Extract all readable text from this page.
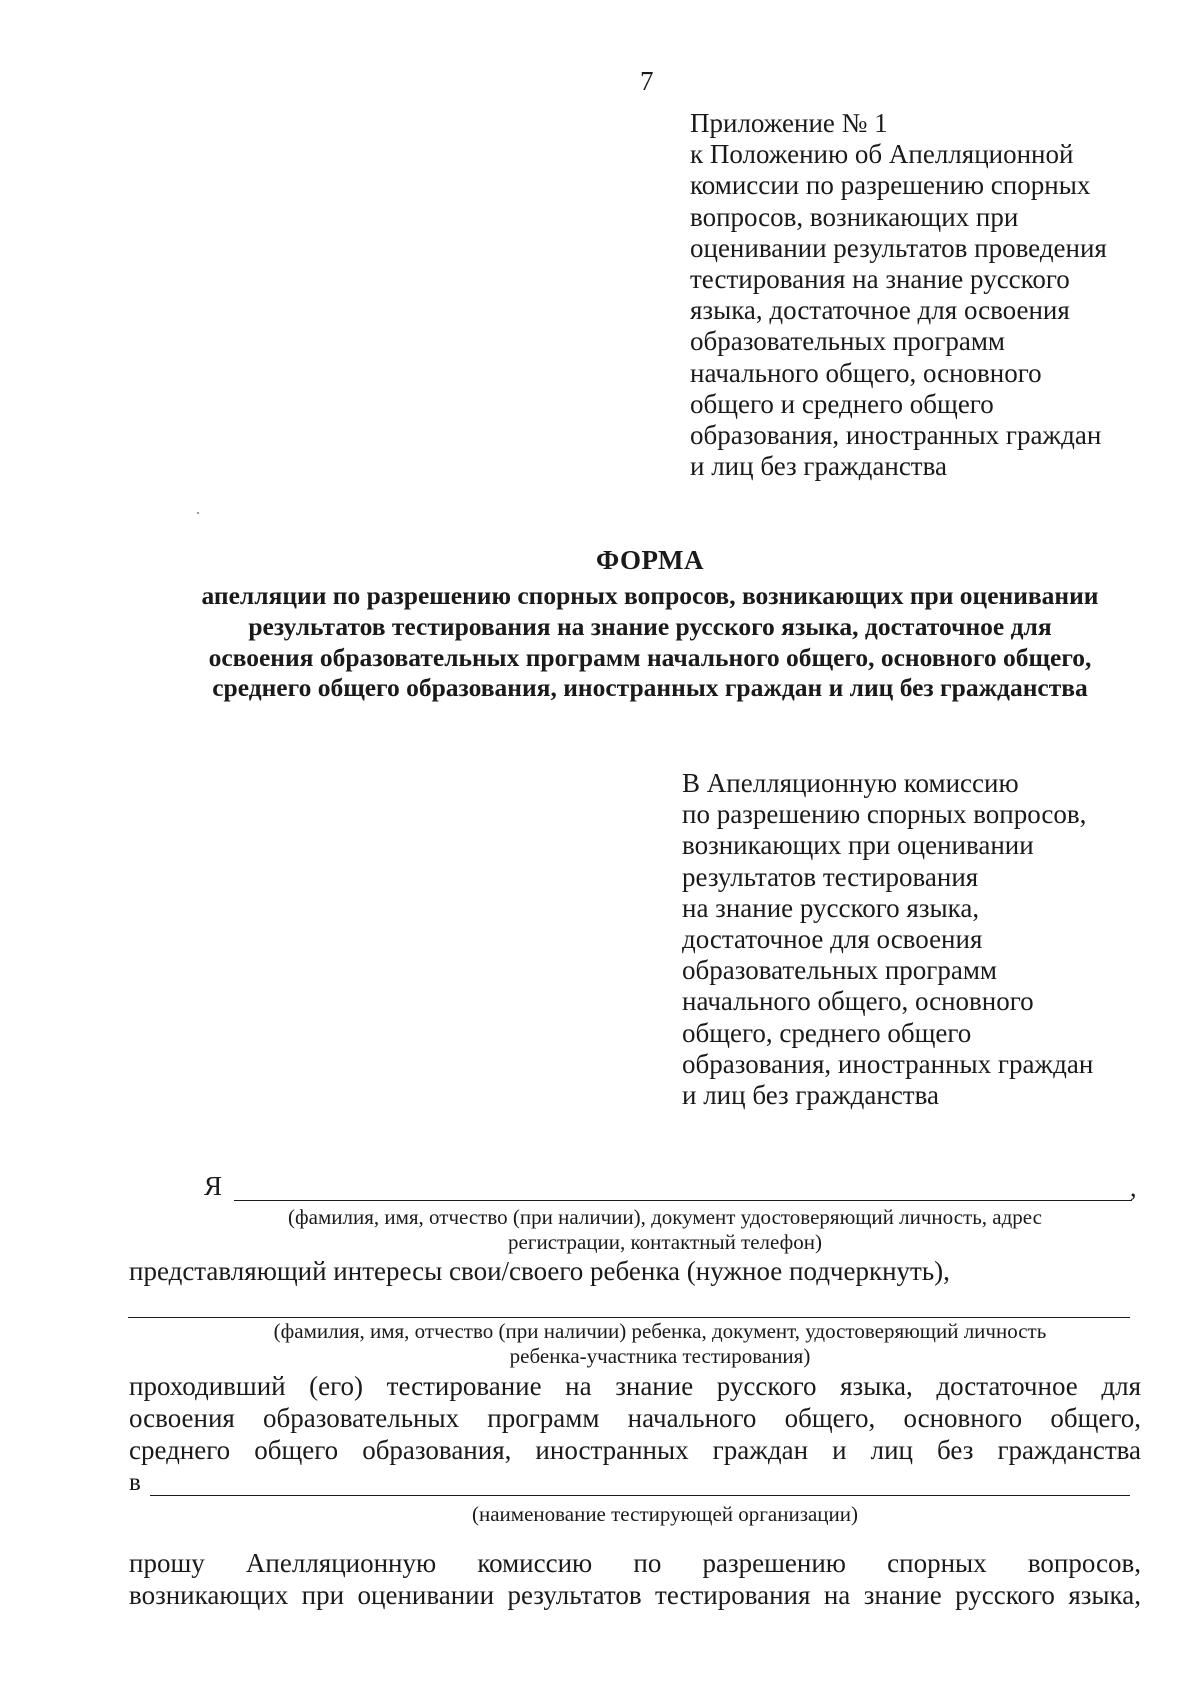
7
Приложение № 1
к Положению об Апелляционной
комиссии по разрешению спорных
вопросов, возникающих при
оценивании результатов проведения
тестирования на знание русского
языка, достаточное для освоения
образовательных программ
начального общего, основного
общего и среднего общего
образования, иностранных граждан
и лиц без гражданства
ФОРМА
апелляции по разрешению спорных вопросов, возникающих при оценивании
результатов тестирования на знание русского языка, достаточное для
освоения образовательных программ начального общего, основного общего,
среднего общего образования, иностранных граждан и лиц без гражданства
В Апелляционную комиссию
по разрешению спорных вопросов,
возникающих при оценивании
результатов тестирования
на знание русского языка,
достаточное для освоения
образовательных программ
начального общего, основного
общего, среднего общего
образования, иностранных граждан
и лиц без гражданства
Я	,
(фамилия, имя, отчество (при наличии), документ удостоверяющий личность, адрес
регистрации, контактный телефон)
представляющий интересы свои/своего ребенка (нужное подчеркнуть),
(фамилия, имя, отчество (при наличии) ребенка, документ, удостоверяющий личность
ребенка-участника тестирования)
проходивший (его) тестирование на знание русского языка, достаточное для
освоения образовательных программ начального общего, основного общего,
среднего общего образования, иностранных граждан и лиц без гражданства
в
(наименование тестирующей организации)
прошу Апелляционную комиссию по разрешению спорных вопросов,
возникающих при оценивании результатов тестирования на знание русского языка,
